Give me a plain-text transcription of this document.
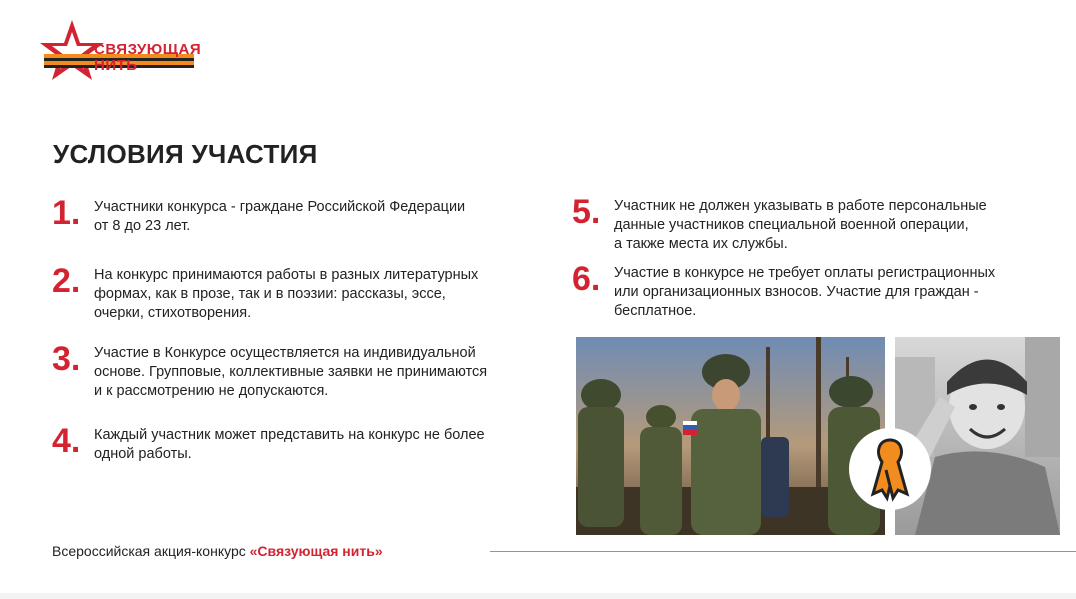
СВЯЗУЮЩАЯ
НИТЬ
УСЛОВИЯ УЧАСТИЯ
1. Участники конкурса - граждане Российской Федерации
от 8 до 23 лет.
2. На конкурс принимаются работы в разных литературных
формах, как в прозе, так и в поэзии: рассказы, эссе,
очерки, стихотворения.
3. Участие в Конкурсе осуществляется на индивидуальной
основе. Групповые, коллективные заявки не принимаются
и к рассмотрению не допускаются.
4. Каждый участник может представить на конкурс не более
одной работы.
5. Участник не должен указывать в работе персональные
данные участников специальной военной операции,
а также места их службы.
6. Участие в конкурсе не требует оплаты регистрационных
или организационных взносов. Участие для граждан -
бесплатное.
Всероссийская акция-конкурс «Связующая нить»
